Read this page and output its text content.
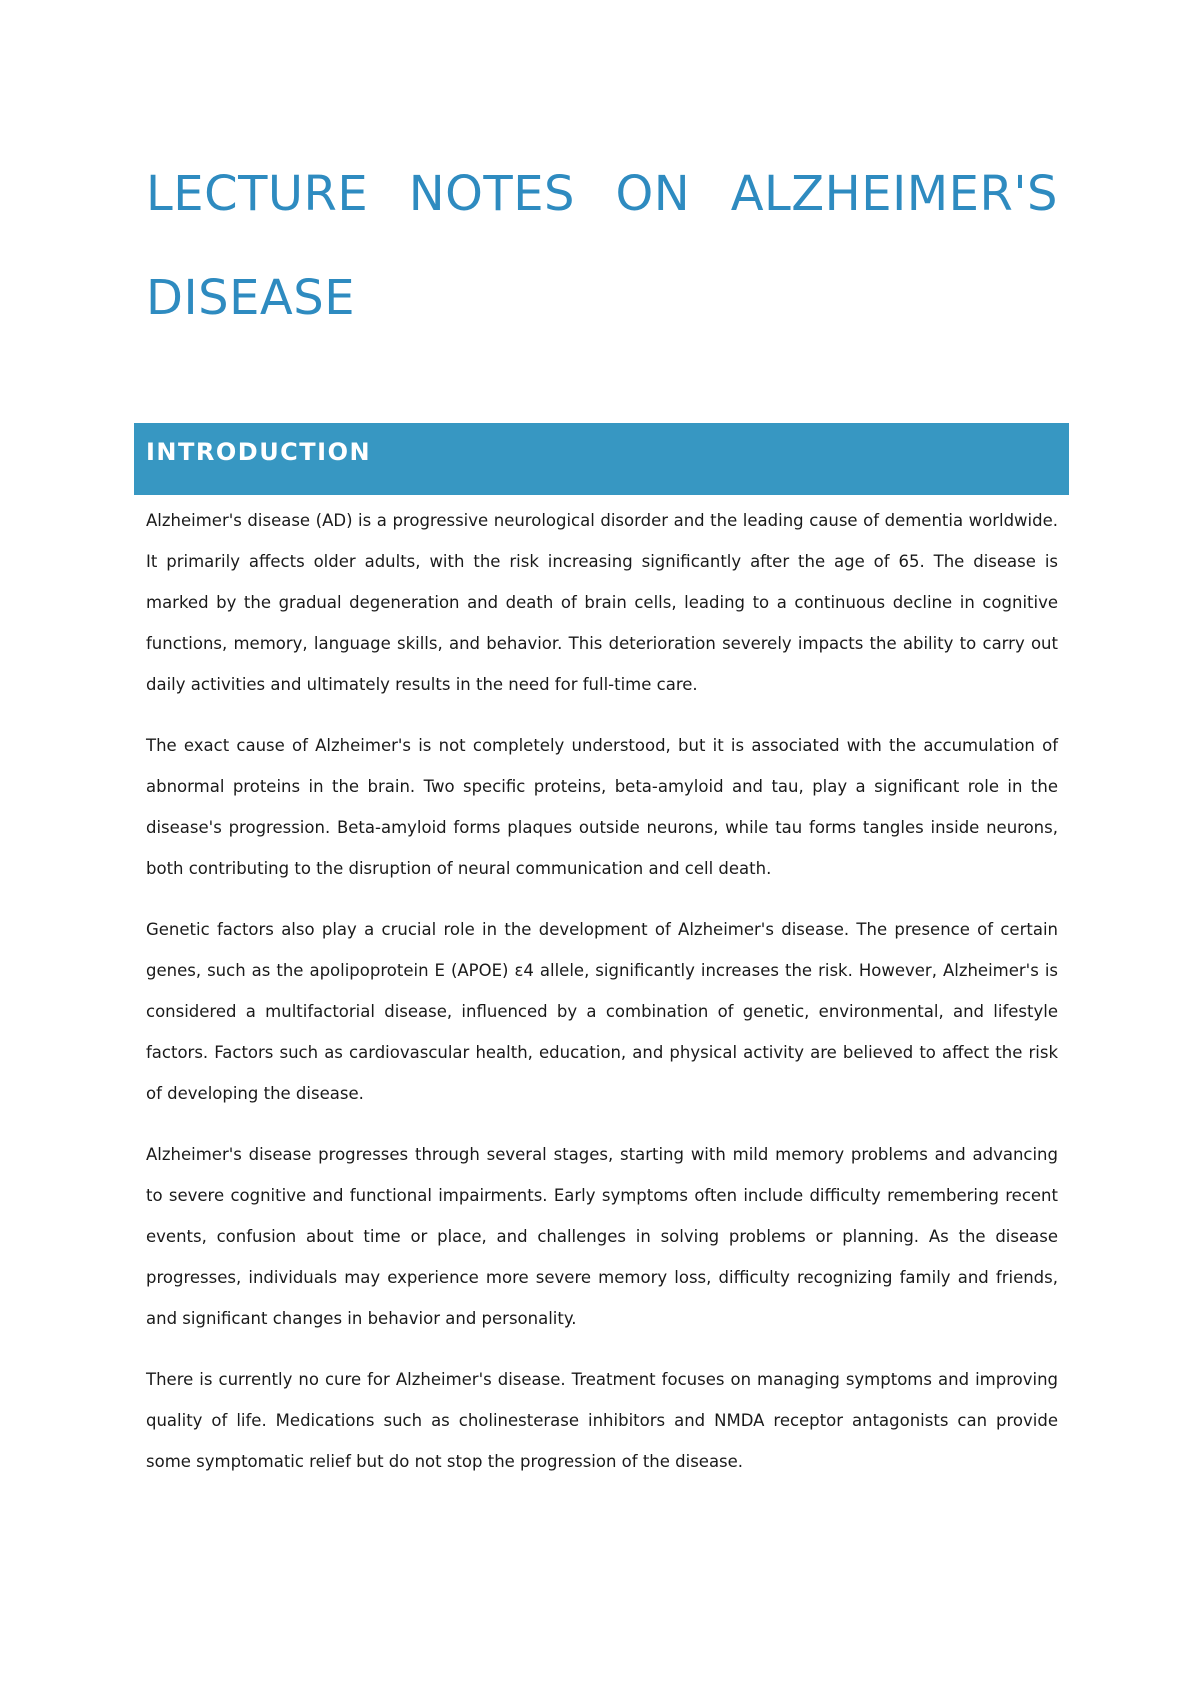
LECTURE NOTES ON ALZHEIMER'S DISEASE
INTRODUCTION

Alzheimer's disease (AD) is a progressive neurological disorder and the leading cause of dementia worldwide. It primarily affects older adults, with the risk increasing significantly after the age of 65. The disease is marked by the gradual degeneration and death of brain cells, leading to a continuous decline in cognitive functions, memory, language skills, and behavior. This deterioration severely impacts the ability to carry out daily activities and ultimately results in the need for full-time care.

The exact cause of Alzheimer's is not completely understood, but it is associated with the accumulation of abnormal proteins in the brain. Two specific proteins, beta-amyloid and tau, play a significant role in the disease's progression. Beta-amyloid forms plaques outside neurons, while tau forms tangles inside neurons, both contributing to the disruption of neural communication and cell death.

Genetic factors also play a crucial role in the development of Alzheimer's disease. The presence of certain genes, such as the apolipoprotein E (APOE) ε4 allele, significantly increases the risk. However, Alzheimer's is considered a multifactorial disease, influenced by a combination of genetic, environmental, and lifestyle factors. Factors such as cardiovascular health, education, and physical activity are believed to affect the risk of developing the disease.

Alzheimer's disease progresses through several stages, starting with mild memory problems and advancing to severe cognitive and functional impairments. Early symptoms often include difficulty remembering recent events, confusion about time or place, and challenges in solving problems or planning. As the disease progresses, individuals may experience more severe memory loss, difficulty recognizing family and friends, and significant changes in behavior and personality.

There is currently no cure for Alzheimer's disease. Treatment focuses on managing symptoms and improving quality of life. Medications such as cholinesterase inhibitors and NMDA receptor antagonists can provide some symptomatic relief but do not stop the progression of the disease.
